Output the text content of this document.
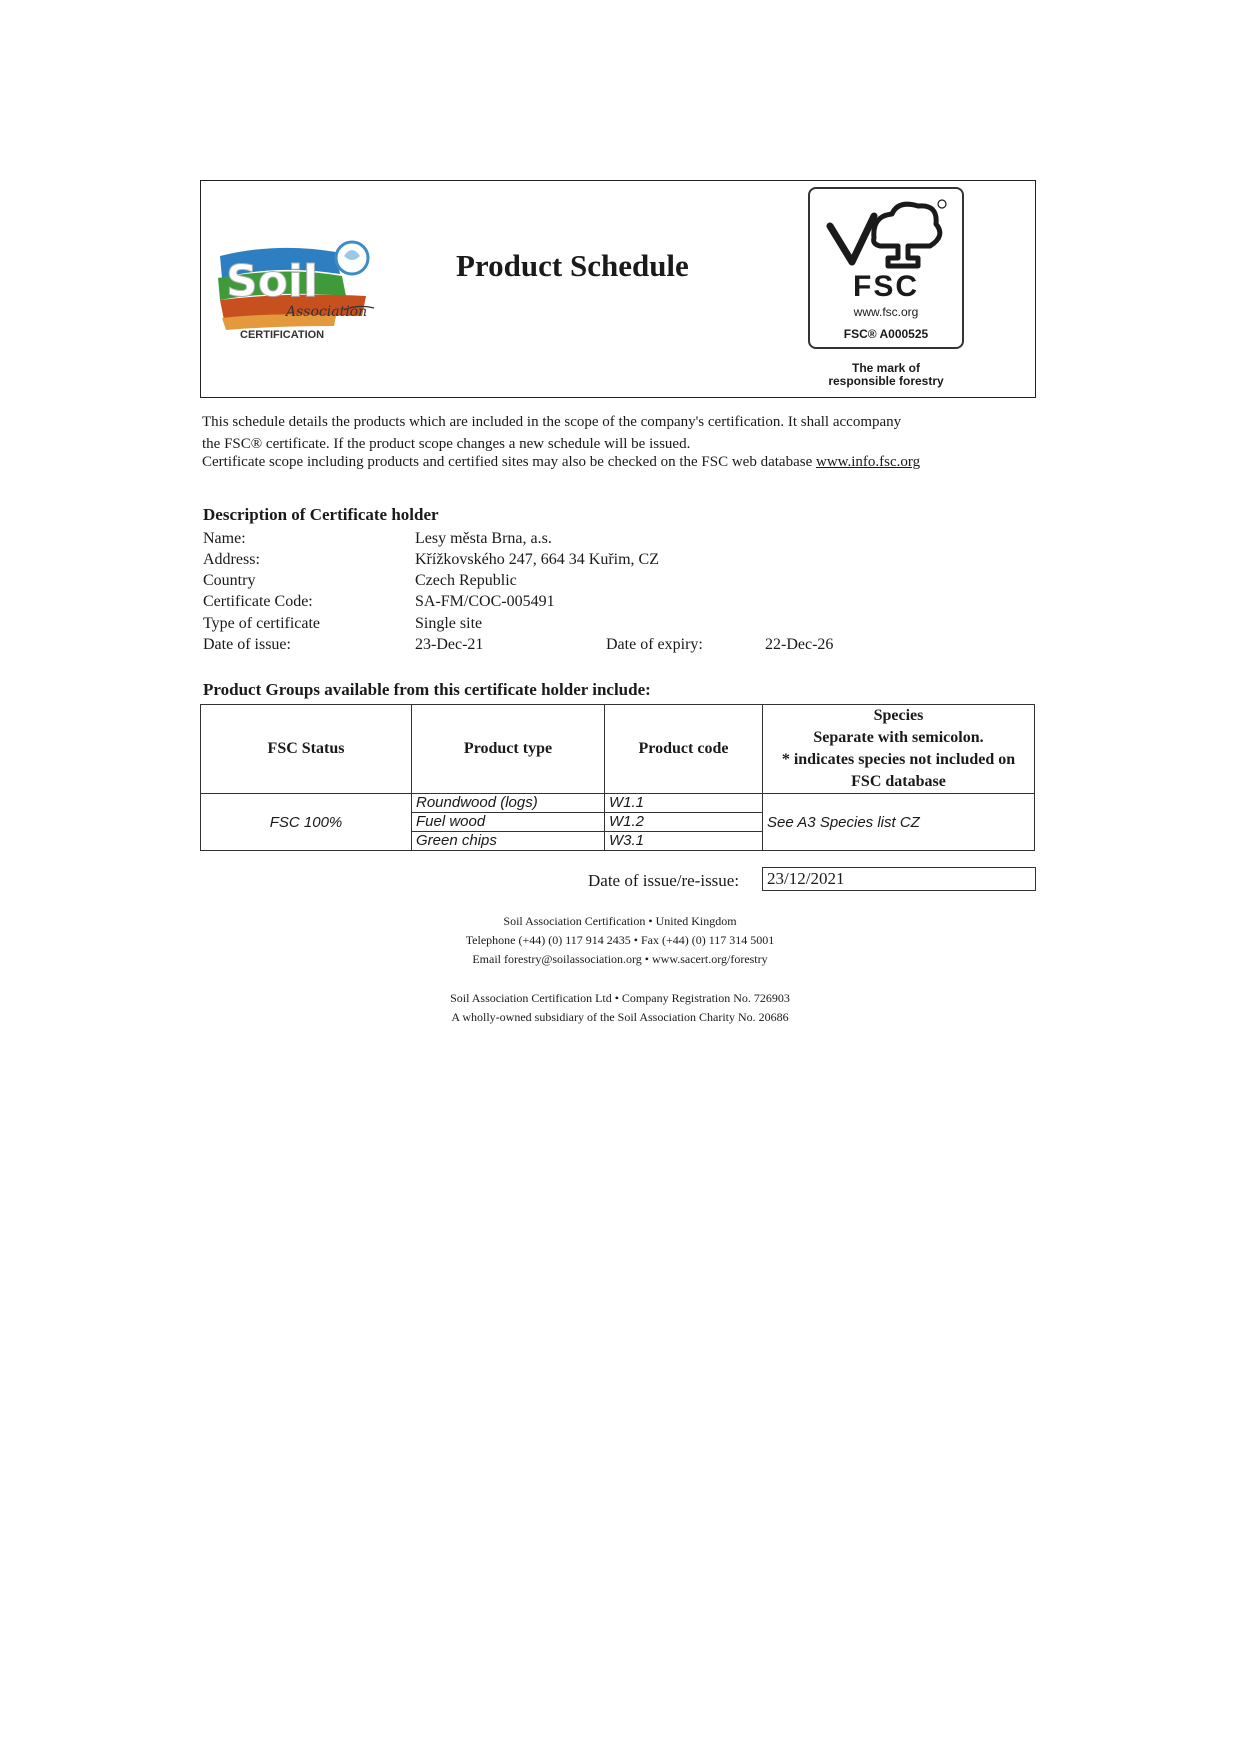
Soil
Association
CERTIFICATION
Product Schedule
FSC
www.fsc.org
FSC® A000525
The mark of
responsible forestry
This schedule details the products which are included in the scope of the company's certification. It shall accompany
the FSC® certificate. If the product scope changes a new schedule will be issued.
Certificate scope including products and certified sites may also be checked on the FSC web database www.info.fsc.org
Description of Certificate holder
Name:	Lesy města Brna, a.s.
Address:	Křížkovského 247, 664 34 Kuřim, CZ
Country	Czech Republic
Certificate Code:	SA-FM/COC-005491
Type of certificate	Single site
Date of issue:	23-Dec-21	Date of expiry:	22-Dec-26
Product Groups available from this certificate holder include:
FSC Status	Product type	Product code	Species
Separate with semicolon.
* indicates species not included on
FSC database
FSC 100%	Roundwood (logs)	W1.1	See A3 Species list CZ
	Fuel wood	W1.2	
	Green chips	W3.1	
Date of issue/re-issue: 23/12/2021
Soil Association Certification • United Kingdom
Telephone (+44) (0) 117 914 2435 • Fax (+44) (0) 117 314 5001
Email forestry@soilassociation.org • www.sacert.org/forestry
Soil Association Certification Ltd • Company Registration No. 726903
A wholly-owned subsidiary of the Soil Association Charity No. 20686
